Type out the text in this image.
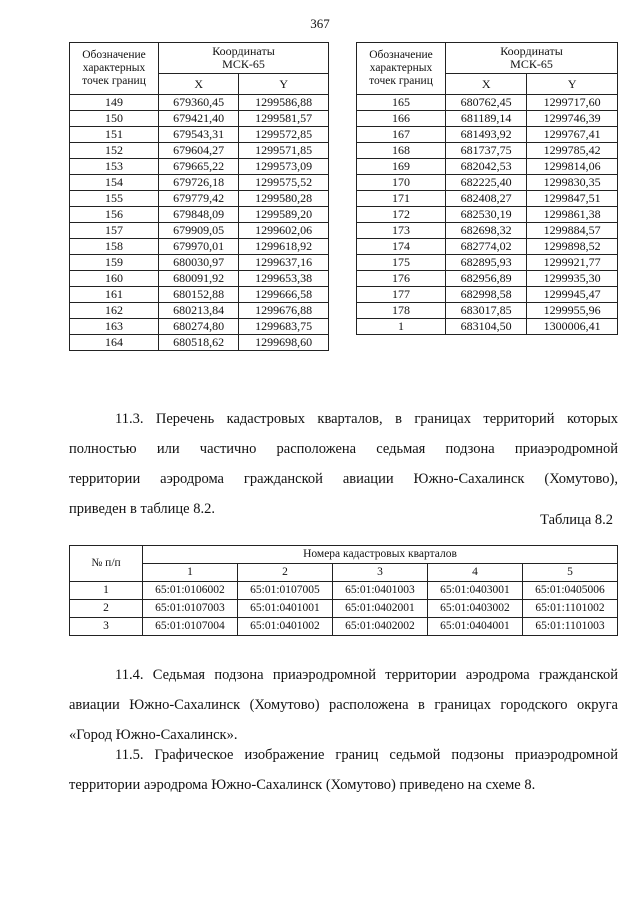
367
Обозначение характерных точек границ	Координаты
МСК-65	
	X	Y
149	679360,45	1299586,88
150	679421,40	1299581,57
151	679543,31	1299572,85
152	679604,27	1299571,85
153	679665,22	1299573,09
154	679726,18	1299575,52
155	679779,42	1299580,28
156	679848,09	1299589,20
157	679909,05	1299602,06
158	679970,01	1299618,92
159	680030,97	1299637,16
160	680091,92	1299653,38
161	680152,88	1299666,58
162	680213,84	1299676,88
163	680274,80	1299683,75
164	680518,62	1299698,60
Обозначение характерных точек границ	Координаты
МСК-65	
	X	Y
165	680762,45	1299717,60
166	681189,14	1299746,39
167	681493,92	1299767,41
168	681737,75	1299785,42
169	682042,53	1299814,06
170	682225,40	1299830,35
171	682408,27	1299847,51
172	682530,19	1299861,38
173	682698,32	1299884,57
174	682774,02	1299898,52
175	682895,93	1299921,77
176	682956,89	1299935,30
177	682998,58	1299945,47
178	683017,85	1299955,96
1	683104,50	1300006,41
11.3. Перечень кадастровых кварталов, в границах территорий которых
полностью или частично расположена седьмая подзона приаэродромной
территории аэродрома гражданской авиации Южно-Сахалинск (Хомутово),
приведен в таблице 8.2.
Таблица 8.2
№ п/п	Номера кадастровых кварталов				
	1	2	3	4	5
1	65:01:0106002	65:01:0107005	65:01:0401003	65:01:0403001	65:01:0405006
2	65:01:0107003	65:01:0401001	65:01:0402001	65:01:0403002	65:01:1101002
3	65:01:0107004	65:01:0401002	65:01:0402002	65:01:0404001	65:01:1101003
11.4. Седьмая подзона приаэродромной территории аэродрома гражданской
авиации Южно-Сахалинск (Хомутово) расположена в границах городского округа
«Город Южно-Сахалинск».
11.5. Графическое изображение границ седьмой подзоны приаэродромной
территории аэродрома Южно-Сахалинск (Хомутово) приведено на схеме 8.
